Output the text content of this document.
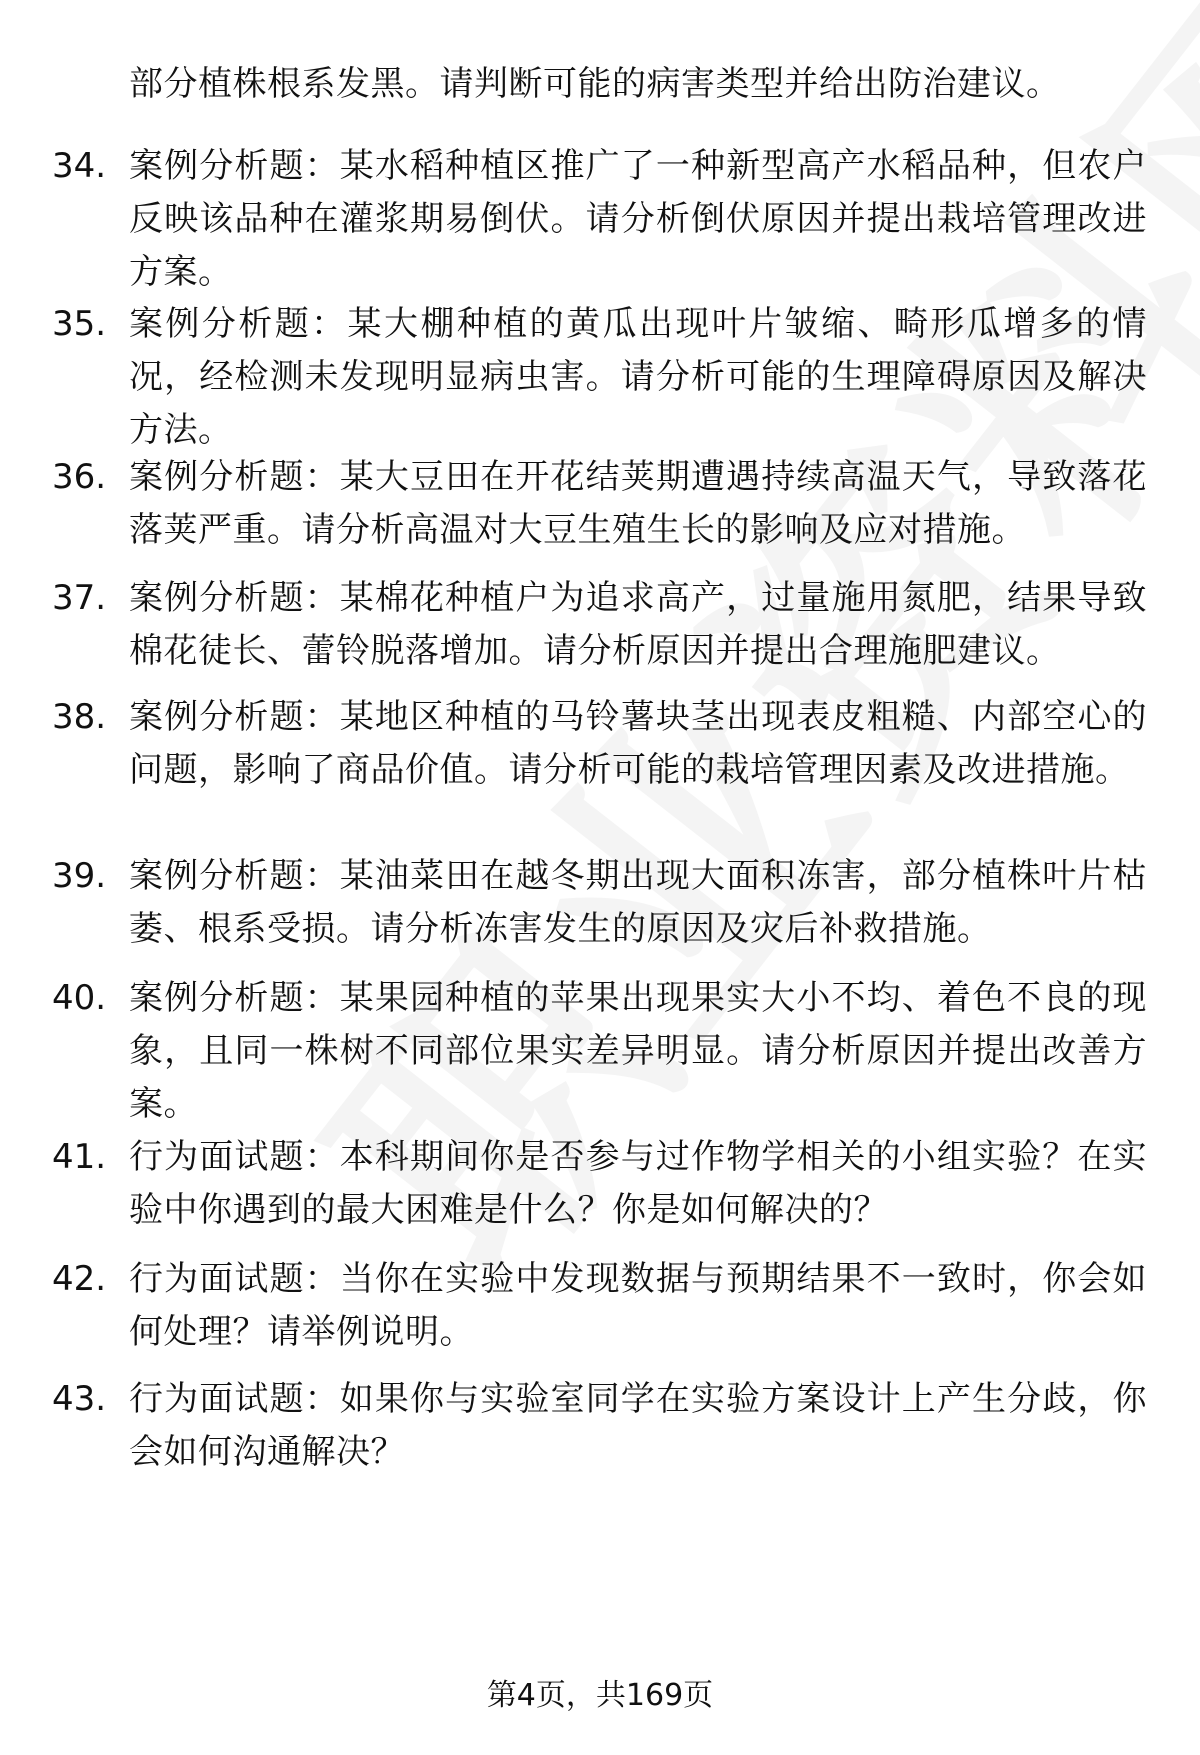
部分植株根系发黑。请判断可能的病害类型并给出防治建议。
34. 案例分析题：某水稻种植区推广了一种新型高产水稻品种，但农户反映该品种在灌浆期易倒伏。请分析倒伏原因并提出栽培管理改进方案。
35. 案例分析题：某大棚种植的黄瓜出现叶片皱缩、畸形瓜增多的情况，经检测未发现明显病虫害。请分析可能的生理障碍原因及解决方法。
36. 案例分析题：某大豆田在开花结荚期遭遇持续高温天气，导致落花落荚严重。请分析高温对大豆生殖生长的影响及应对措施。
37. 案例分析题：某棉花种植户为追求高产，过量施用氮肥，结果导致棉花徒长、蕾铃脱落增加。请分析原因并提出合理施肥建议。
38. 案例分析题：某地区种植的马铃薯块茎出现表皮粗糙、内部空心的问题，影响了商品价值。请分析可能的栽培管理因素及改进措施。
39. 案例分析题：某油菜田在越冬期出现大面积冻害，部分植株叶片枯萎、根系受损。请分析冻害发生的原因及灾后补救措施。
40. 案例分析题：某果园种植的苹果出现果实大小不均、着色不良的现象，且同一株树不同部位果实差异明显。请分析原因并提出改善方案。
41. 行为面试题：本科期间你是否参与过作物学相关的小组实验？在实验中你遇到的最大困难是什么？你是如何解决的？
42. 行为面试题：当你在实验中发现数据与预期结果不一致时，你会如何处理？请举例说明。
43. 行为面试题：如果你与实验室同学在实验方案设计上产生分歧，你会如何沟通解决？
第4页，共169页
